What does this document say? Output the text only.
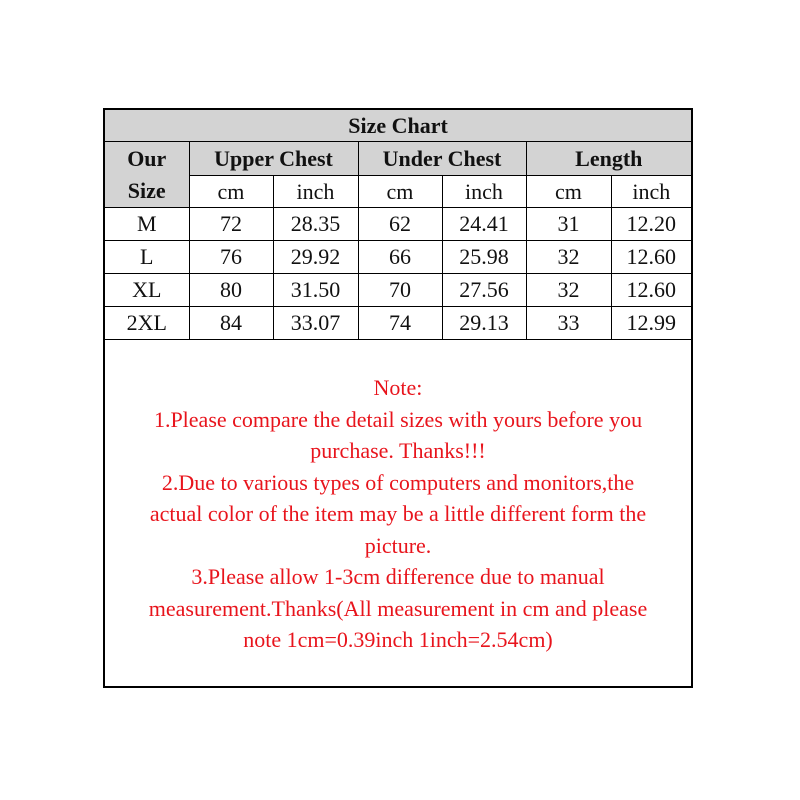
Size Chart						
Our	Upper Chest		Under Chest		Length	
Size	cm	inch	cm	inch	cm	inch
M	72	28.35	62	24.41	31	12.20
L	76	29.92	66	25.98	32	12.60
XL	80	31.50	70	27.56	32	12.60
2XL	84	33.07	74	29.13	33	12.99
Note:
1.Please compare the detail sizes with yours before you
purchase. Thanks!!!
2.Due to various types of computers and monitors,the
actual color of the item may be a little different form the
picture.
3.Please allow 1-3cm difference due to manual
measurement.Thanks(All measurement in cm and please
note 1cm=0.39inch 1inch=2.54cm)
